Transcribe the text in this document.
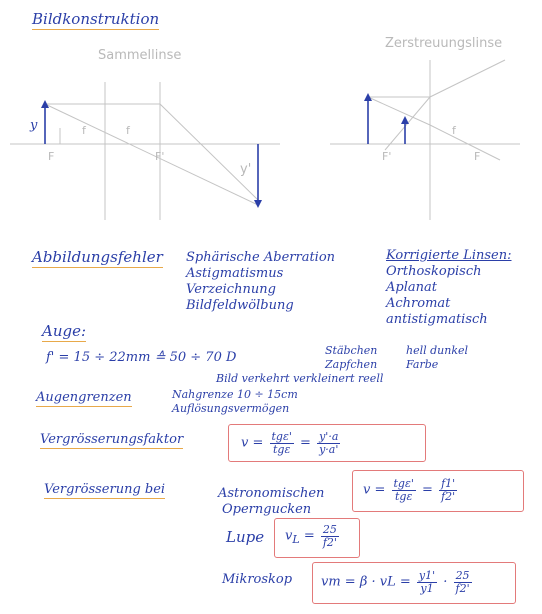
Bildkonstruktion
Sammellinse
y
F
f	f
F'
y'
Zerstreuungslinse
F'	F
f
Abbildungsfehler Sphärische Aberration
Astigmatismus
Verzeichnung
Bildfeldwölbung
Korrigierte Linsen:
Orthoskopisch
Aplanat
Achromat
antistigmatisch
Auge:
f' = 15 ÷ 22mm ≙ 50 ÷ 70 D	Stäbchen	hell dunkel
Zapfchen	Farbe
Bild verkehrt verkleinert reell
Augengrenzen	Nahgrenze 10 ÷ 15cm
Auflösungsvermögen
Vergrösserungsfaktor	v = tgε'
$tg\varepsilon = \frac{y'\cdot a}{y\cdot a'}$
Vergrösserung bei	Astronomischen
Operngucken
v = tgε'
$tg\varepsilon = \frac{f1'}{f2'}$
Lupe $v_L = \frac{25}{f2'}$
Mikroskop vm = β · vL = $\frac{y1'}{y1} \cdot \frac{25}{f2'}$
